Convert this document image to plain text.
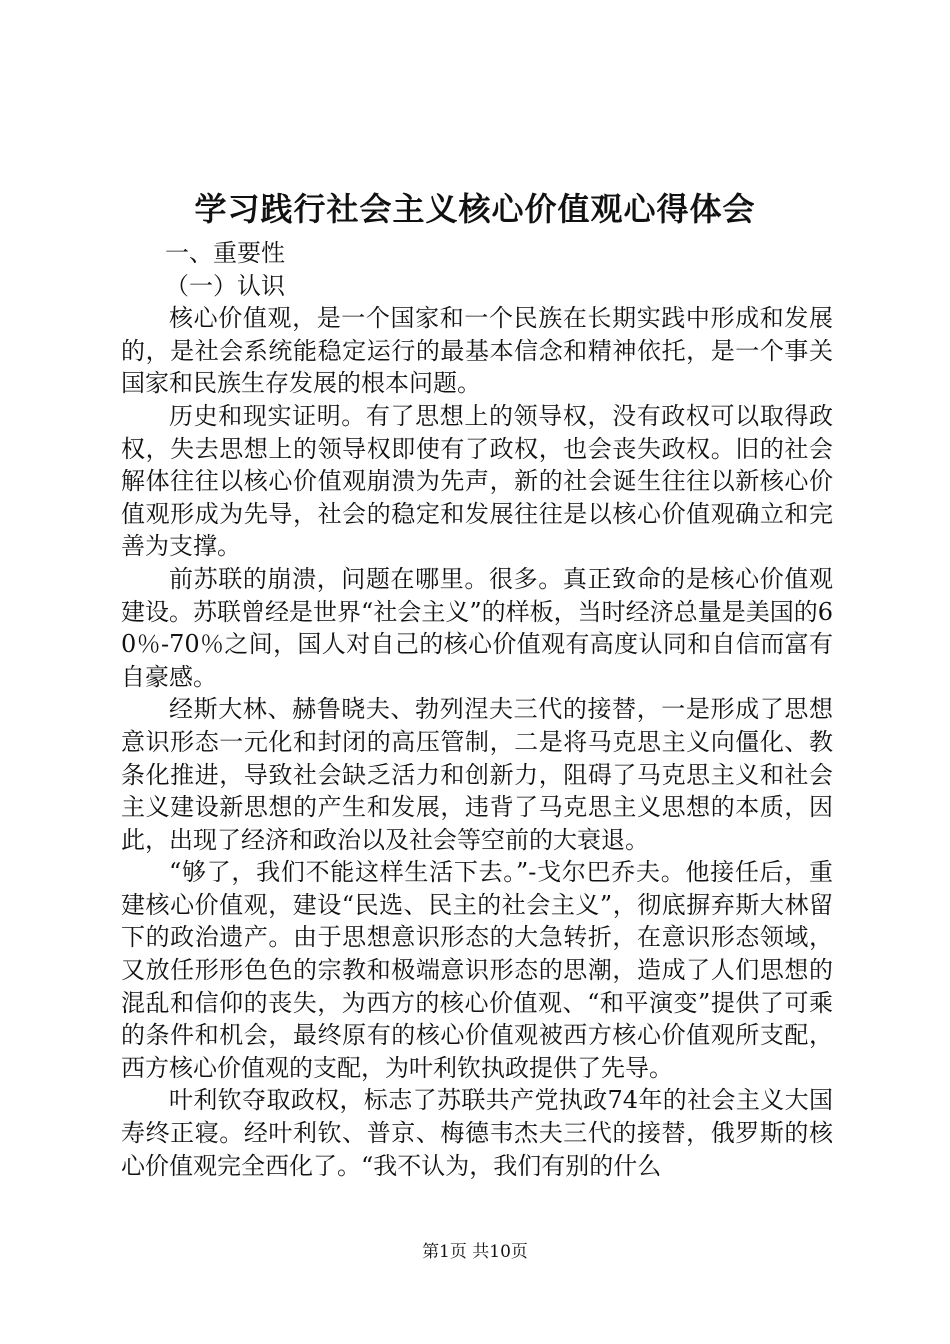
学习践行社会主义核心价值观心得体会

一、重要性

（一）认识

核心价值观，是一个国家和一个民族在长期实践中形成和发展的，是社会系统能稳定运行的最基本信念和精神依托，是一个事关国家和民族生存发展的根本问题。

历史和现实证明。有了思想上的领导权，没有政权可以取得政权，失去思想上的领导权即使有了政权，也会丧失政权。旧的社会解体往往以核心价值观崩溃为先声，新的社会诞生往往以新核心价值观形成为先导，社会的稳定和发展往往是以核心价值观确立和完善为支撑。

前苏联的崩溃，问题在哪里。很多。真正致命的是核心价值观建设。苏联曾经是世界“社会主义”的样板，当时经济总量是美国的60％-70％之间，国人对自己的核心价值观有高度认同和自信而富有自豪感。

经斯大林、赫鲁晓夫、勃列涅夫三代的接替，一是形成了思想意识形态一元化和封闭的高压管制，二是将马克思主义向僵化、教条化推进，导致社会缺乏活力和创新力，阻碍了马克思主义和社会主义建设新思想的产生和发展，违背了马克思主义思想的本质，因此，出现了经济和政治以及社会等空前的大衰退。

“够了，我们不能这样生活下去。”-戈尔巴乔夫。他接任后，重建核心价值观，建设“民选、民主的社会主义”，彻底摒弃斯大林留下的政治遗产。由于思想意识形态的大急转折，在意识形态领域，又放任形形色色的宗教和极端意识形态的思潮，造成了人们思想的混乱和信仰的丧失，为西方的核心价值观、“和平演变”提供了可乘的条件和机会，最终原有的核心价值观被西方核心价值观所支配，西方核心价值观的支配，为叶利钦执政提供了先导。

叶利钦夺取政权，标志了苏联共产党执政74年的社会主义大国寿终正寝。经叶利钦、普京、梅德韦杰夫三代的接替，俄罗斯的核心价值观完全西化了。“我不认为，我们有别的什么

第1页 共10页
